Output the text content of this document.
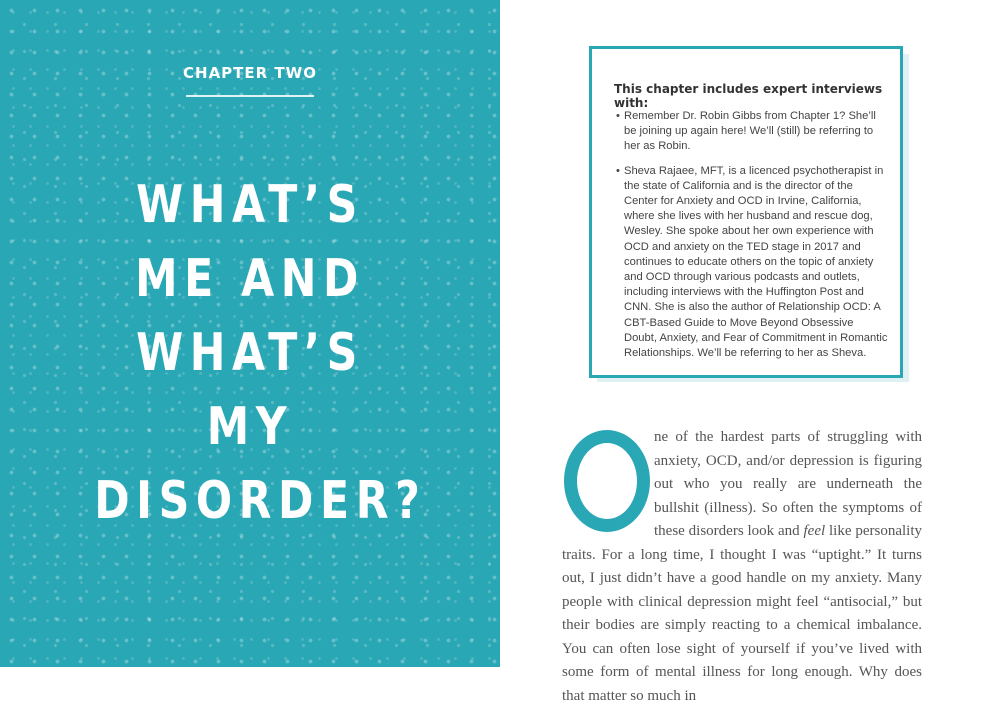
CHAPTER TWO
WHAT’S
ME AND
WHAT’S MY
DISORDER?
This chapter includes expert interviews with:
• Remember Dr. Robin Gibbs from Chapter 1? She’ll be joining up again here! We’ll (still) be referring to her as Robin.
• Sheva Rajaee, MFT, is a licenced psychotherapist in the state of California and is the director of the Center for Anxiety and OCD in Irvine, California, where she lives with her husband and rescue dog, Wesley. She spoke about her own experience with OCD and anxiety on the TED stage in 2017 and continues to educate others on the topic of anxiety and OCD through various podcasts and outlets, including interviews with the Huffington Post and CNN. She is also the author of Relationship OCD: A CBT-Based Guide to Move Beyond Obsessive Doubt, Anxiety, and Fear of Commitment in Romantic Relationships. We’ll be referring to her as Sheva.
ne of the hardest parts of struggling with anxiety, OCD, and/or depression is figuring out who you really are underneath the bullshit (illness). So often the symptoms of these disorders look and feel like personality traits. For a long time, I thought I was “uptight.” It turns out, I just didn’t have a good handle on my anxiety. Many people with clinical depression might feel “antisocial,” but their bodies are simply reacting to a chemical imbalance. You can often lose sight of yourself if you’ve lived with some form of mental illness for long enough. Why does that matter so much in
